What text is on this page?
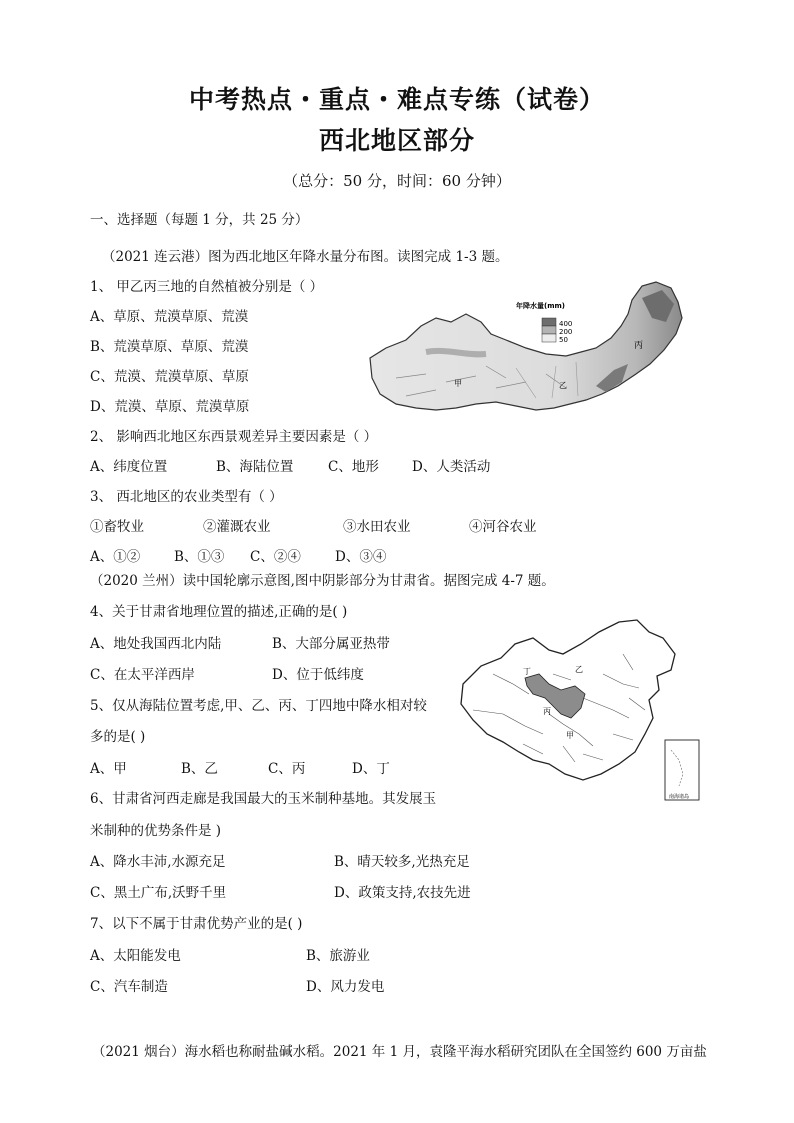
中考热点・重点・难点专练（试卷）
西北地区部分
（总分：50 分，时间：60 分钟）
一、选择题（每题 1 分，共 25 分）
（2021 连云港）图为西北地区年降水量分布图。读图完成 1-3 题。
1、 甲乙丙三地的自然植被分别是（ ）
A、草原、荒漠草原、荒漠
B、荒漠草原、草原、荒漠
C、荒漠、荒漠草原、草原
D、荒漠、草原、荒漠草原
年降水量(mm)
400
200
50
甲	乙
丙
2、 影响西北地区东西景观差异主要因素是（ ）
A、纬度位置	B、海陆位置	C、地形 D、人类活动
3、 西北地区的农业类型有（ ）
①畜牧业	②灌溉农业	③水田农业	④河谷农业
A、①②	B、①③ C、②④	D、③④
（2020 兰州）读中国轮廓示意图,图中阴影部分为甘肃省。据图完成 4-7 题。
4、关于甘肃省地理位置的描述,正确的是( )
A、地处我国西北内陆	B、大部分属亚热带
C、在太平洋西岸	D、位于低纬度
5、仅从海陆位置考虑,甲、乙、丙、丁四地中降水相对较
多的是( )
A、甲	B、乙	C、丙	D、丁
丁
丙
甲
乙
南海诸岛
6、甘肃省河西走廊是我国最大的玉米制种基地。其发展玉
米制种的优势条件是 )
A、降水丰沛,水源充足	B、晴天较多,光热充足
C、黑土广布,沃野千里	D、政策支持,农技先进
7、以下不属于甘肃优势产业的是( )
A、太阳能发电	B、旅游业
C、汽车制造	D、风力发电
（2021 烟台）海水稻也称耐盐碱水稻。2021 年 1 月，袁隆平海水稻研究团队在全国签约 600 万亩盐
